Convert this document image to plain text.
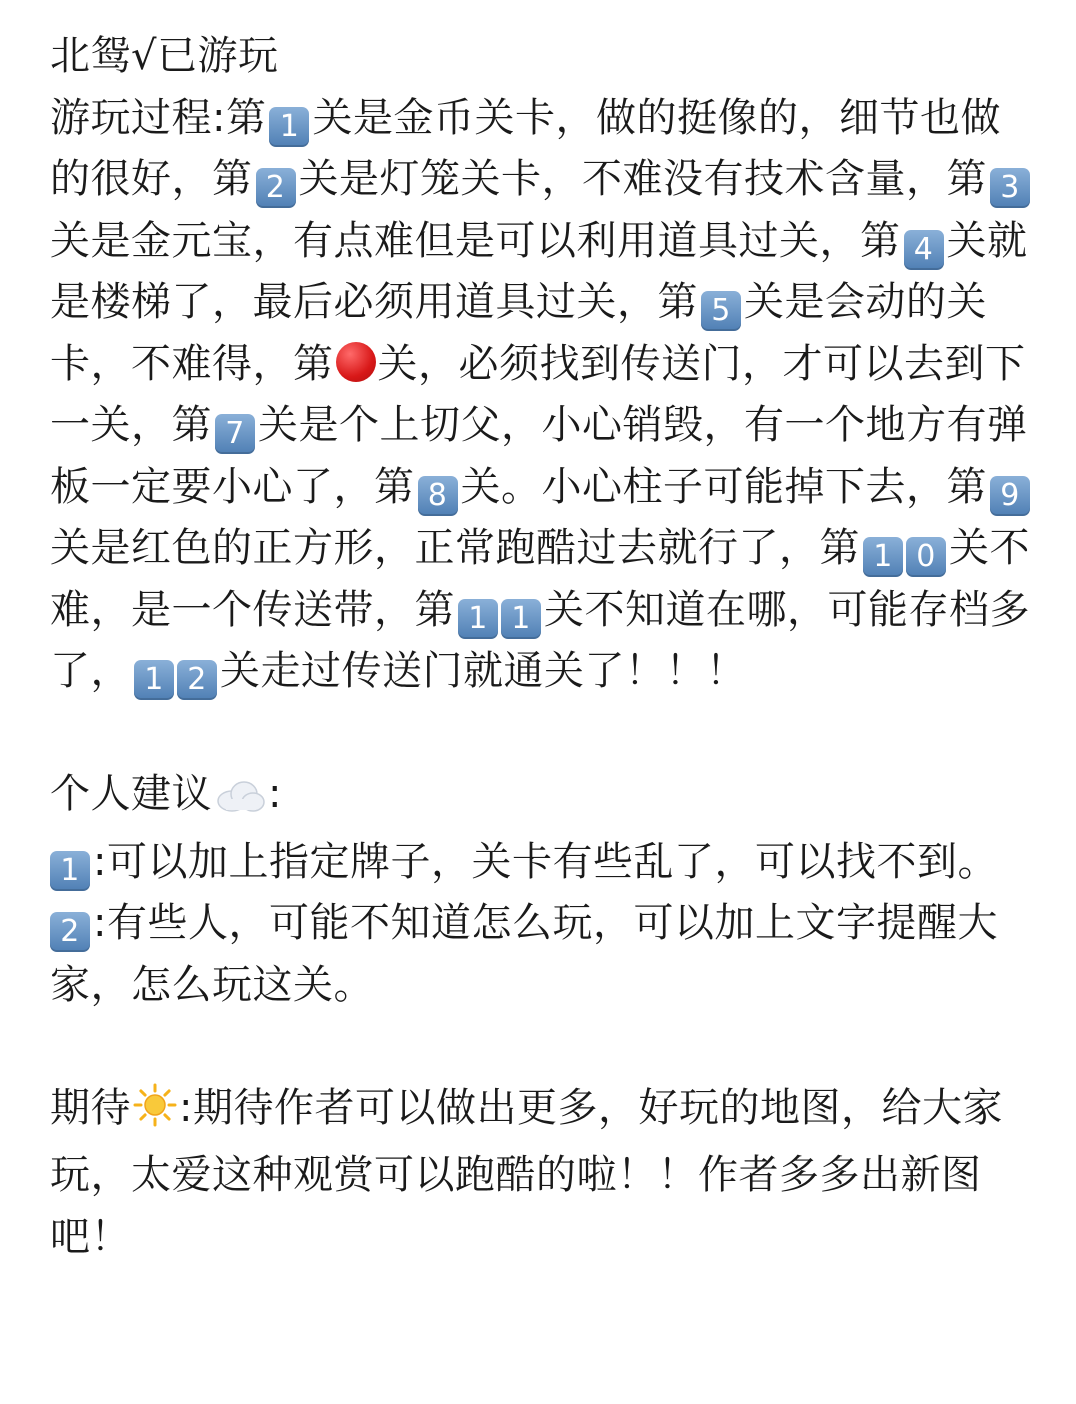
北鸳√已游玩

游玩过程:第 1 关是金币关卡，做的挺像的，细节也做的很好，第 2 关是灯笼关卡，不难没有技术含量，第 3关是金元宝，有点难但是可以利用道具过关，第 4 关就是楼梯了，最后必须用道具过关，第 5 关是会动的关卡，不难得，第 关，必须找到传送门，才可以去到下一关，第 7 关是个上切父，小心销毁，有一个地方有弹板一定要小心了，第 8 关。小心柱子可能掉下去，第 9关是红色的正方形，正常跑酷过去就行了，第 1 0 关不难，是一个传送带，第 1 1 关不知道在哪，可能存档多了， 1 2 关走过传送门就通关了！！！

个人建议 :

1 :可以加上指定牌子，关卡有些乱了，可以找不到。

2 :有些人，可能不知道怎么玩，可以加上文字提醒大家，怎么玩这关。

期待 :期待作者可以做出更多，好玩的地图，给大家玩，太爱这种观赏可以跑酷的啦！！作者多多出新图吧！
